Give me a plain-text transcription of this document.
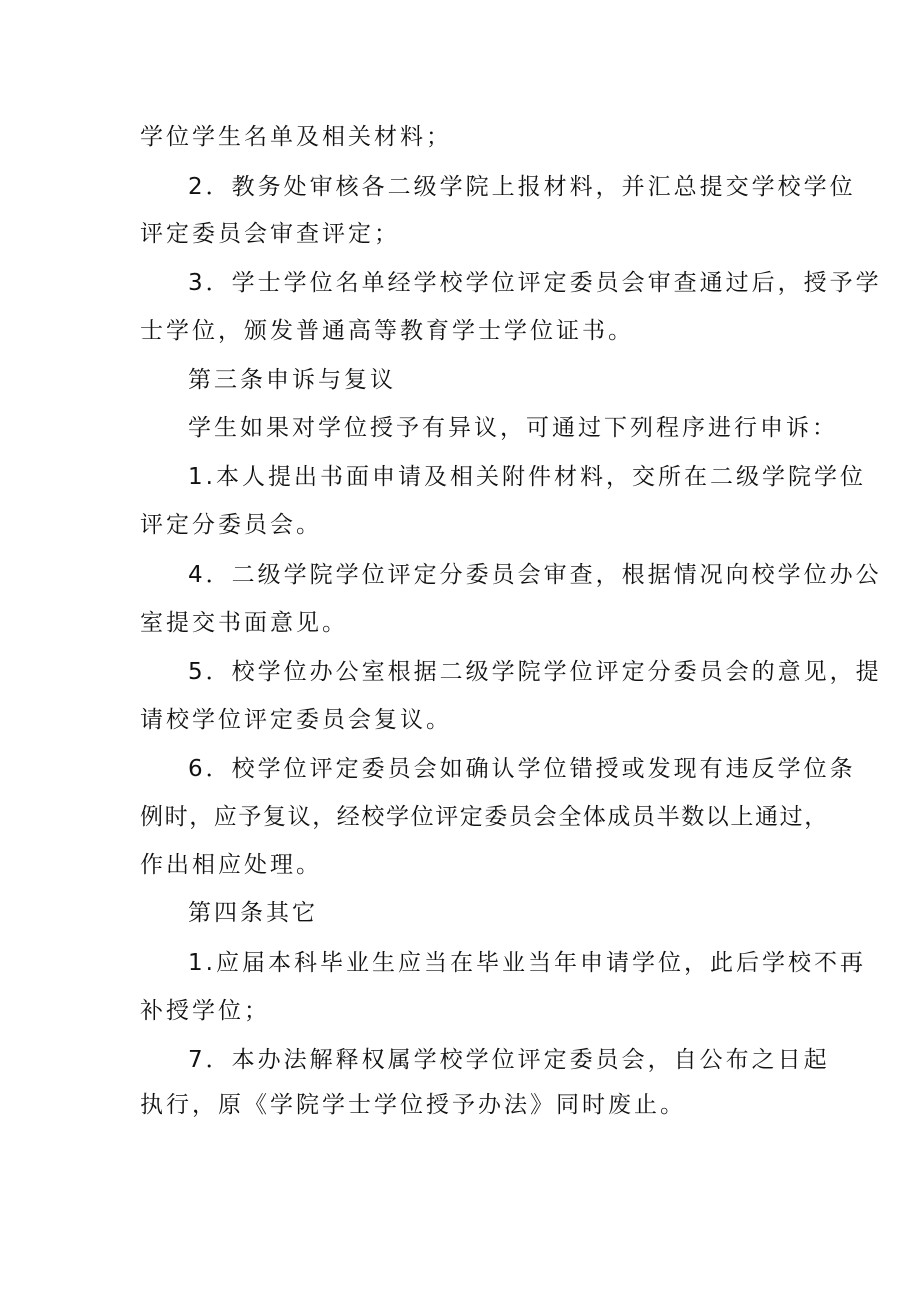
学位学生名单及相关材料；
2．教务处审核各二级学院上报材料，并汇总提交学校学位
评定委员会审查评定；
3．学士学位名单经学校学位评定委员会审查通过后，授予学
士学位，颁发普通高等教育学士学位证书。
第三条申诉与复议
学生如果对学位授予有异议，可通过下列程序进行申诉：
1.本人提出书面申请及相关附件材料，交所在二级学院学位
评定分委员会。
4．二级学院学位评定分委员会审查，根据情况向校学位办公
室提交书面意见。
5．校学位办公室根据二级学院学位评定分委员会的意见，提
请校学位评定委员会复议。
6．校学位评定委员会如确认学位错授或发现有违反学位条
例时，应予复议，经校学位评定委员会全体成员半数以上通过，
作出相应处理。
第四条其它
1.应届本科毕业生应当在毕业当年申请学位，此后学校不再
补授学位；
7．本办法解释权属学校学位评定委员会，自公布之日起
执行，原《学院学士学位授予办法》同时废止。
